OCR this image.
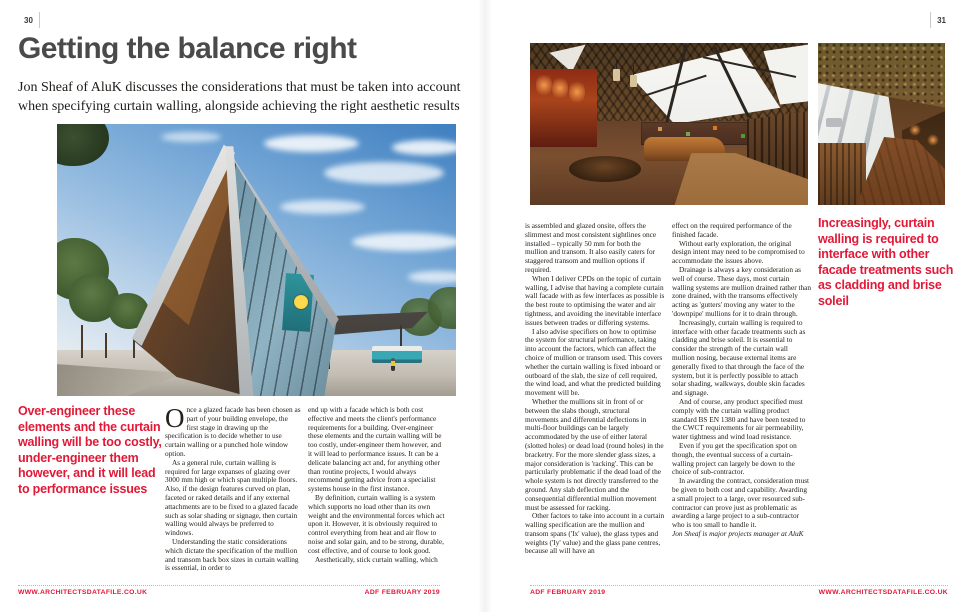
30
Getting the balance right

Jon Sheaf of AluK discusses the considerations that must be taken into account when specifying curtain walling, alongside achieving the right aesthetic results

Over-engineer these elements and the curtain walling will be too costly, under-engineer them however, and it will lead to performance issues
Once a glazed facade has been chosen as part of your building envelope, the first stage in drawing up the specification is to decide whether to use curtain walling or a punched hole window option.

As a general rule, curtain walling is required for large expanses of glazing over 3000 mm high or which span multiple floors. Also, if the design features curved on plan, faceted or raked details and if any external attachments are to be fixed to a glazed facade such as solar shading or signage, then curtain walling would always be preferred to windows.

Understanding the static considerations which dictate the specification of the mullion and transom back box sizes in curtain walling is essential, in order to

end up with a facade which is both cost effective and meets the client's performance requirements for a building. Over-engineer these elements and the curtain walling will be too costly, under-engineer them however, and it will lead to performance issues. It can be a delicate balancing act and, for anything other than routine projects, I would always recommend getting advice from a specialist systems house in the first instance.

By definition, curtain walling is a system which supports no load other than its own weight and the environmental forces which act upon it. However, it is obviously required to control everything from heat and air flow to noise and solar gain, and to be strong, durable, cost effective, and of course to look good.

Aesthetically, stick curtain walling, which

WWW.ARCHITECTSDATAFILE.CO.UK	ADF FEBRUARY 2019
31
Increasingly, curtain walling is required to interface with other facade treatments such as cladding and brise soleil

is assembled and glazed onsite, offers the slimmest and most consistent sightlines once installed – typically 50 mm for both the mullion and transom. It also easily caters for staggered transom and mullion options if required.

When I deliver CPDs on the topic of curtain walling, I advise that having a complete curtain wall facade with as few interfaces as possible is the best route to optimising the water and air tightness, and avoiding the inevitable interface issues between trades or differing systems.

I also advise specifiers on how to optimise the system for structural performance, taking into account the factors, which can affect the choice of mullion or transom used. This covers whether the curtain walling is fixed inboard or outboard of the slab, the size of cell required, the wind load, and what the predicted building movement will be.

Whether the mullions sit in front of or between the slabs though, structural movements and differential deflections in multi-floor buildings can be largely accommodated by the use of either lateral (slotted holes) or dead load (round holes) in the bracketry. For the more slender glass sizes, a major consideration is 'racking'. This can be particularly problematic if the dead load of the whole system is not directly transferred to the ground. Any slab deflection and the consequential differential mullion movement must be assessed for racking.

Other factors to take into account in a curtain walling specification are the mullion and transom spans ('Ix' value), the glass types and weights ('Iy' value) and the glass pane centres, because all will have an

effect on the required performance of the finished facade.

Without early exploration, the original design intent may need to be compromised to accommodate the issues above.

Drainage is always a key consideration as well of course. These days, most curtain walling systems are mullion drained rather than zone drained, with the transoms effectively acting as 'gutters' moving any water to the 'downpipe' mullions for it to drain through.

Increasingly, curtain walling is required to interface with other facade treatments such as cladding and brise soleil. It is essential to consider the strength of the curtain wall mullion nosing, because external items are generally fixed to that through the face of the system, but it is perfectly possible to attach solar shading, walkways, double skin facades and signage.

And of course, any product specified must comply with the curtain walling product standard BS EN 1380 and have been tested to the CWCT requirements for air permeability, water tightness and wind load resistance.

Even if you get the specification spot on though, the eventual success of a curtain-walling project can largely be down to the choice of sub-contractor.

In awarding the contract, consideration must be given to both cost and capability. Awarding a small project to a large, over resourced sub-contractor can prove just as problematic as awarding a large project to a sub-contractor who is too small to handle it.

Jon Sheaf is major projects manager at AluK

ADF FEBRUARY 2019	WWW.ARCHITECTSDATAFILE.CO.UK
